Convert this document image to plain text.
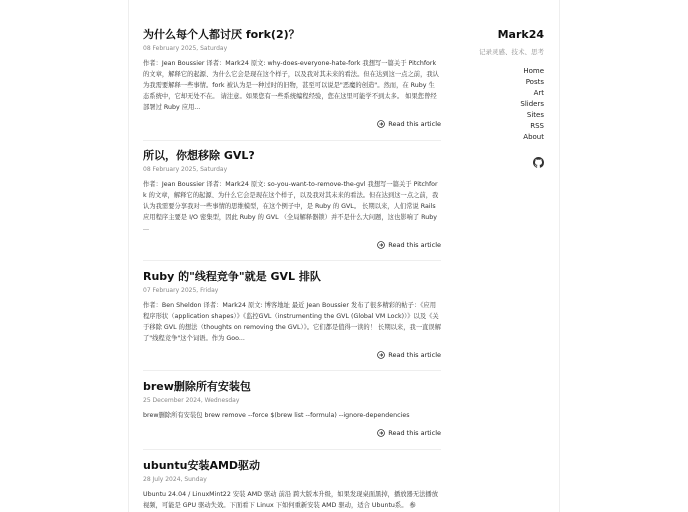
为什么每个人都讨厌 fork(2)？
08 February 2025, Saturday
作者：Jean Boussier 译者：Mark24 原文: why-does-everyone-hate-fork 我想写一篇关于 Pitchfork 的文章，解释它的起源、为什么它会是现在这个样子，以及我对其未来的看法。但在达到这一点之前，我认为我需要解释一些事情。fork 被认为是一种过时的旧物，甚至可以说是"恶魔的创造"。然而，在 Ruby 生态系统中，它却无处不在。 请注意。如果您有一些系统编程经验，您在这里可能学不到太多。 如果您曾经部署过 Ruby 应用...
Read this article
所以，你想移除 GVL?
08 February 2025, Saturday
作者：Jean Boussier 译者：Mark24 原文: so-you-want-to-remove-the-gvl 我想写一篇关于 Pitchfork 的文章，解释它的起源、为什么它会是现在这个样子，以及我对其未来的看法。但在达到这一点之前，我认为我需要分享我对一些事情的思维模型，在这个例子中，是 Ruby 的 GVL。 长期以来，人们常说 Rails 应用程序主要是 I/O 密集型，因此 Ruby 的 GVL （全局解释器锁）并不是什么大问题，这也影响了 Ruby ...
Read this article
Ruby 的"线程竞争"就是 GVL 排队
07 February 2025, Friday
作者：Ben Sheldon 译者：Mark24 原文: 博客地址 最近 Jean Boussier 发布了很多精彩的帖子：《应用程序形状（application shapes）》《监控GVL（instrumenting the GVL (Global VM Lock)）》以及《关于移除 GVL 的想法（thoughts on removing the GVL）》。它们都是值得一读的！ 长期以来，我一直误解了"线程竞争"这个词语。作为 Goo...
Read this article
brew删除所有安装包
25 December 2024, Wednesday
brew删除所有安装包 brew remove --force $(brew list --formula) --ignore-dependencies
Read this article
ubuntu安装AMD驱动
28 July 2024, Sunday
Ubuntu 24.04 / LinuxMint22 安装 AMD 驱动 前沿 跨大版本升级，如果发现桌面黑掉，播放器无法播放视频，可能是 GPU 驱动失效。下面看下 Linux 下如何重新安装 AMD 驱动，适合 Ubuntu系。 参
Mark24
记录灵感、技术、思考
Home
Posts
Art
Sliders
Sites
RSS
About
